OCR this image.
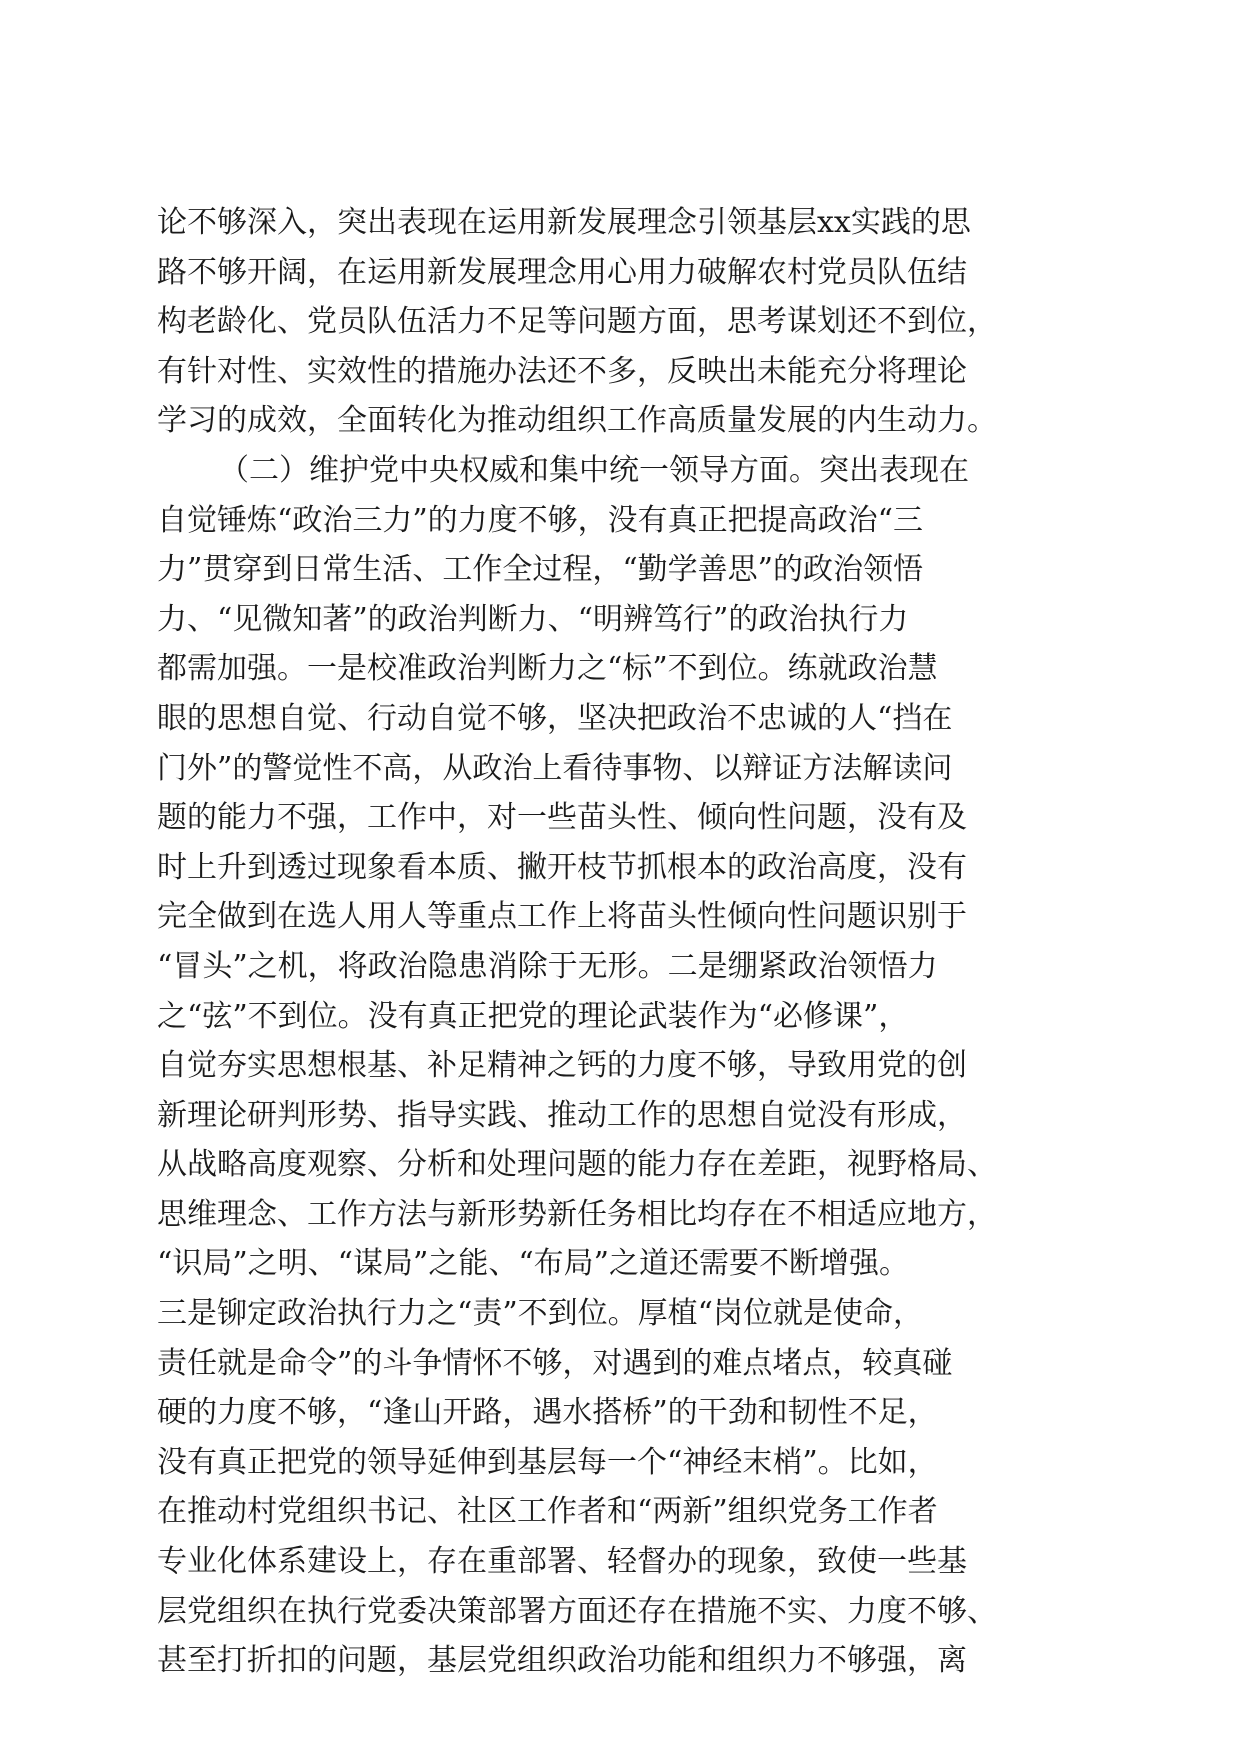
论不够深入，突出表现在运用新发展理念引领基层xx实践的思
路不够开阔，在运用新发展理念用心用力破解农村党员队伍结
构老龄化、党员队伍活力不足等问题方面，思考谋划还不到位，
有针对性、实效性的措施办法还不多，反映出未能充分将理论
学习的成效，全面转化为推动组织工作高质量发展的内生动力。
（二）维护党中央权威和集中统一领导方面。突出表现在
自觉锤炼“政治三力”的力度不够，没有真正把提高政治“三
力”贯穿到日常生活、工作全过程，“勤学善思”的政治领悟
力、“见微知著”的政治判断力、“明辨笃行”的政治执行力
都需加强。一是校准政治判断力之“标”不到位。练就政治慧
眼的思想自觉、行动自觉不够，坚决把政治不忠诚的人“挡在
门外”的警觉性不高，从政治上看待事物、以辩证方法解读问
题的能力不强，工作中，对一些苗头性、倾向性问题，没有及
时上升到透过现象看本质、撇开枝节抓根本的政治高度，没有
完全做到在选人用人等重点工作上将苗头性倾向性问题识别于
“冒头”之机，将政治隐患消除于无形。二是绷紧政治领悟力
之“弦”不到位。没有真正把党的理论武装作为“必修课”，
自觉夯实思想根基、补足精神之钙的力度不够，导致用党的创
新理论研判形势、指导实践、推动工作的思想自觉没有形成，
从战略高度观察、分析和处理问题的能力存在差距，视野格局、
思维理念、工作方法与新形势新任务相比均存在不相适应地方，
“识局”之明、“谋局”之能、“布局”之道还需要不断增强。
三是铆定政治执行力之“责”不到位。厚植“岗位就是使命，
责任就是命令”的斗争情怀不够，对遇到的难点堵点，较真碰
硬的力度不够，“逢山开路，遇水搭桥”的干劲和韧性不足，
没有真正把党的领导延伸到基层每一个“神经末梢”。比如，
在推动村党组织书记、社区工作者和“两新”组织党务工作者
专业化体系建设上，存在重部署、轻督办的现象，致使一些基
层党组织在执行党委决策部署方面还存在措施不实、力度不够、
甚至打折扣的问题，基层党组织政治功能和组织力不够强，离
